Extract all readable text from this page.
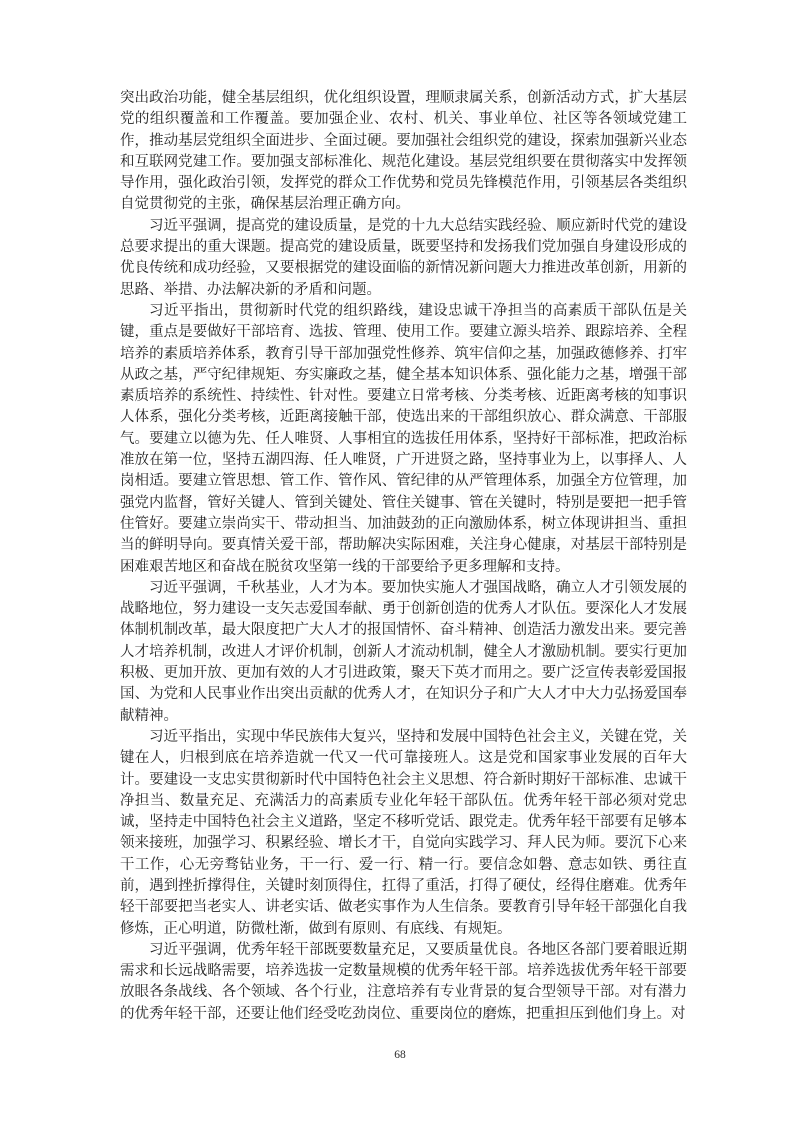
突出政治功能，健全基层组织，优化组织设置，理顺隶属关系，创新活动方式，扩大基层党的组织覆盖和工作覆盖。要加强企业、农村、机关、事业单位、社区等各领域党建工作，推动基层党组织全面进步、全面过硬。要加强社会组织党的建设，探索加强新兴业态和互联网党建工作。要加强支部标准化、规范化建设。基层党组织要在贯彻落实中发挥领导作用，强化政治引领，发挥党的群众工作优势和党员先锋模范作用，引领基层各类组织自觉贯彻党的主张，确保基层治理正确方向。

习近平强调，提高党的建设质量，是党的十九大总结实践经验、顺应新时代党的建设总要求提出的重大课题。提高党的建设质量，既要坚持和发扬我们党加强自身建设形成的优良传统和成功经验，又要根据党的建设面临的新情况新问题大力推进改革创新，用新的思路、举措、办法解决新的矛盾和问题。

习近平指出，贯彻新时代党的组织路线，建设忠诚干净担当的高素质干部队伍是关键，重点是要做好干部培育、选拔、管理、使用工作。要建立源头培养、跟踪培养、全程培养的素质培养体系，教育引导干部加强党性修养、筑牢信仰之基，加强政德修养、打牢从政之基，严守纪律规矩、夯实廉政之基，健全基本知识体系、强化能力之基，增强干部素质培养的系统性、持续性、针对性。要建立日常考核、分类考核、近距离考核的知事识人体系，强化分类考核，近距离接触干部，使选出来的干部组织放心、群众满意、干部服气。要建立以德为先、任人唯贤、人事相宜的选拔任用体系，坚持好干部标准，把政治标准放在第一位，坚持五湖四海、任人唯贤，广开进贤之路，坚持事业为上，以事择人、人岗相适。要建立管思想、管工作、管作风、管纪律的从严管理体系，加强全方位管理，加强党内监督，管好关键人、管到关键处、管住关键事、管在关键时，特别是要把一把手管住管好。要建立崇尚实干、带动担当、加油鼓劲的正向激励体系，树立体现讲担当、重担当的鲜明导向。要真情关爱干部，帮助解决实际困难，关注身心健康，对基层干部特别是困难艰苦地区和奋战在脱贫攻坚第一线的干部要给予更多理解和支持。

习近平强调，千秋基业，人才为本。要加快实施人才强国战略，确立人才引领发展的战略地位，努力建设一支矢志爱国奉献、勇于创新创造的优秀人才队伍。要深化人才发展体制机制改革，最大限度把广大人才的报国情怀、奋斗精神、创造活力激发出来。要完善人才培养机制，改进人才评价机制，创新人才流动机制，健全人才激励机制。要实行更加积极、更加开放、更加有效的人才引进政策，聚天下英才而用之。要广泛宣传表彰爱国报国、为党和人民事业作出突出贡献的优秀人才，在知识分子和广大人才中大力弘扬爱国奉献精神。

习近平指出，实现中华民族伟大复兴，坚持和发展中国特色社会主义，关键在党，关键在人，归根到底在培养造就一代又一代可靠接班人。这是党和国家事业发展的百年大计。要建设一支忠实贯彻新时代中国特色社会主义思想、符合新时期好干部标准、忠诚干净担当、数量充足、充满活力的高素质专业化年轻干部队伍。优秀年轻干部必须对党忠诚，坚持走中国特色社会主义道路，坚定不移听党话、跟党走。优秀年轻干部要有足够本领来接班，加强学习、积累经验、增长才干，自觉向实践学习、拜人民为师。要沉下心来干工作，心无旁骛钻业务，干一行、爱一行、精一行。要信念如磐、意志如铁、勇往直前，遇到挫折撑得住，关键时刻顶得住，扛得了重活，打得了硬仗，经得住磨难。优秀年轻干部要把当老实人、讲老实话、做老实事作为人生信条。要教育引导年轻干部强化自我修炼，正心明道，防微杜渐，做到有原则、有底线、有规矩。

习近平强调，优秀年轻干部既要数量充足，又要质量优良。各地区各部门要着眼近期需求和长远战略需要，培养选拔一定数量规模的优秀年轻干部。培养选拔优秀年轻干部要放眼各条战线、各个领域、各个行业，注意培养有专业背景的复合型领导干部。对有潜力的优秀年轻干部，还要让他们经受吃劲岗位、重要岗位的磨炼，把重担压到他们身上。对

68
